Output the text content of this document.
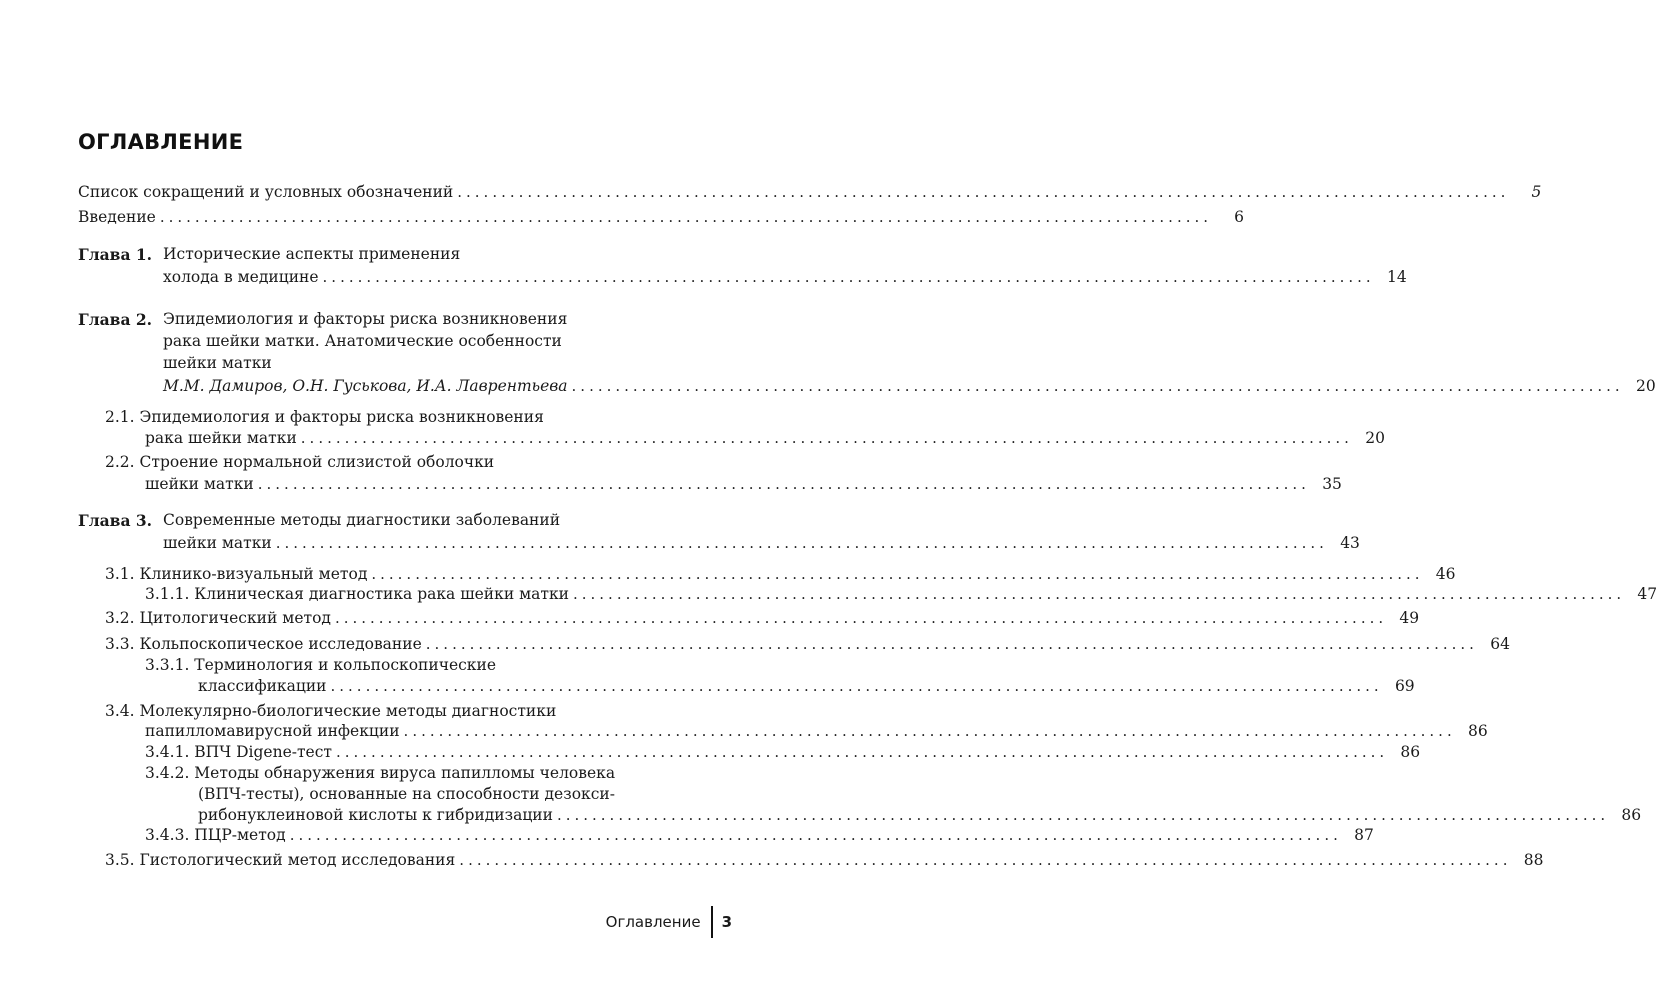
ОГЛАВЛЕНИЕ
Список сокращений и условных обозначений ........................................................................................................................	5
Введение ........................................................................................................................	6
Глава 1. Исторические аспекты применения
холода в медицине ........................................................................................................................ 14
Глава 2. Эпидемиология и факторы риска возникновения
рака шейки матки. Анатомические особенности
шейки матки
М.М. Дамиров, О.Н. Гуськова, И.А. Лаврентьева ........................................................................................................................ 20
2.1. Эпидемиология и факторы риска возникновения
рака шейки матки ........................................................................................................................ 20
2.2. Строение нормальной слизистой оболочки
шейки матки ........................................................................................................................ 35
Глава 3. Современные методы диагностики заболеваний
шейки матки ........................................................................................................................ 43
3.1. Клинико-визуальный метод ........................................................................................................................ 46
3.1.1. Клиническая диагностика рака шейки матки ........................................................................................................................ 47
3.2. Цитологический метод ........................................................................................................................ 49
3.3. Кольпоскопическое исследование ........................................................................................................................ 64
3.3.1. Терминология и кольпоскопические
классификации ........................................................................................................................ 69
3.4. Молекулярно-биологические методы диагностики
папилломавирусной инфекции ........................................................................................................................ 86
3.4.1. ВПЧ Digene-тест ........................................................................................................................ 86
3.4.2. Методы обнаружения вируса папилломы человека
(ВПЧ-тесты), основанные на способности дезокси-
рибонуклеиновой кислоты к гибридизации ........................................................................................................................ 86
3.4.3. ПЦР-метод ........................................................................................................................ 87
3.5. Гистологический метод исследования ........................................................................................................................ 88
Оглавление 3
